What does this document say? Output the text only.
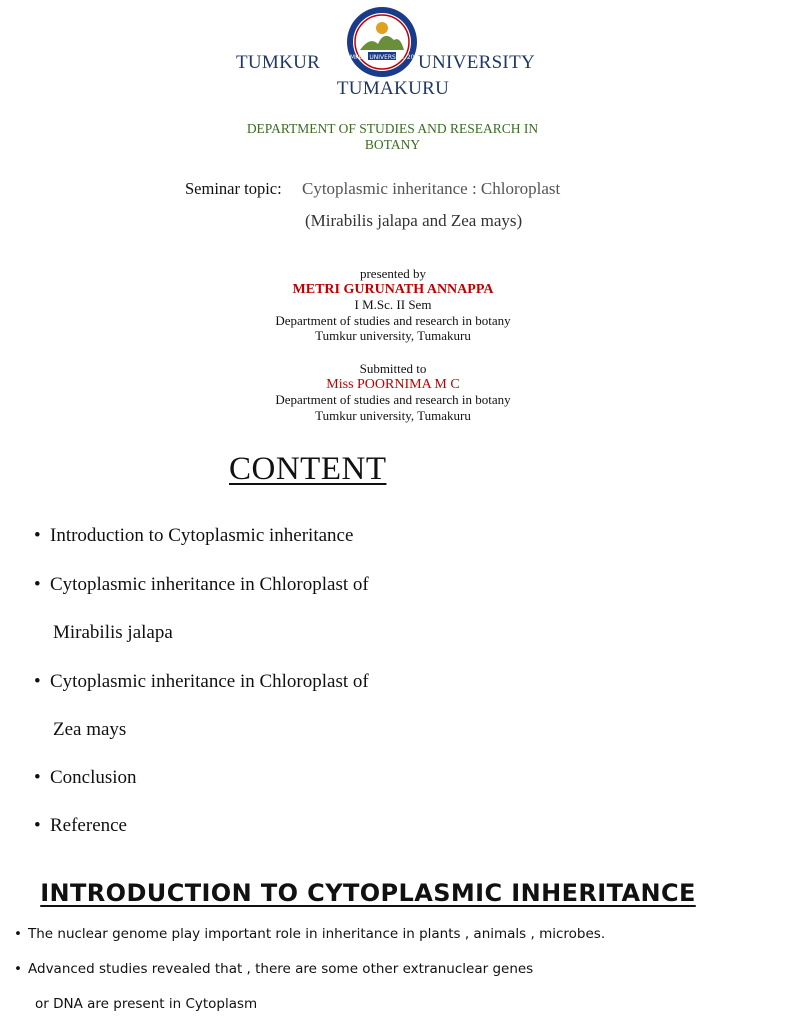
TUMKUR UNIVERSITY 2004
TUMKUR	UNIVERSITY
TUMAKURU
DEPARTMENT OF STUDIES AND RESEARCH IN
BOTANY
Seminar topic: Cytoplasmic inheritance : Chloroplast
(Mirabilis jalapa and Zea mays)
presented by
METRI GURUNATH ANNAPPA
I M.Sc. II Sem
Department of studies and research in botany
Tumkur university, Tumakuru
Submitted to
Miss POORNIMA M C
Department of studies and research in botany
Tumkur university, Tumakuru
CONTENT
• Introduction to Cytoplasmic inheritance
• Cytoplasmic inheritance in Chloroplast of
Mirabilis jalapa
• Cytoplasmic inheritance in Chloroplast of
Zea mays
• Conclusion
• Reference
INTRODUCTION TO CYTOPLASMIC INHERITANCE
• The nuclear genome play important role in inheritance in plants , animals , microbes.
• Advanced studies revealed that , there are some other extranuclear genes
or DNA are present in Cytoplasm
